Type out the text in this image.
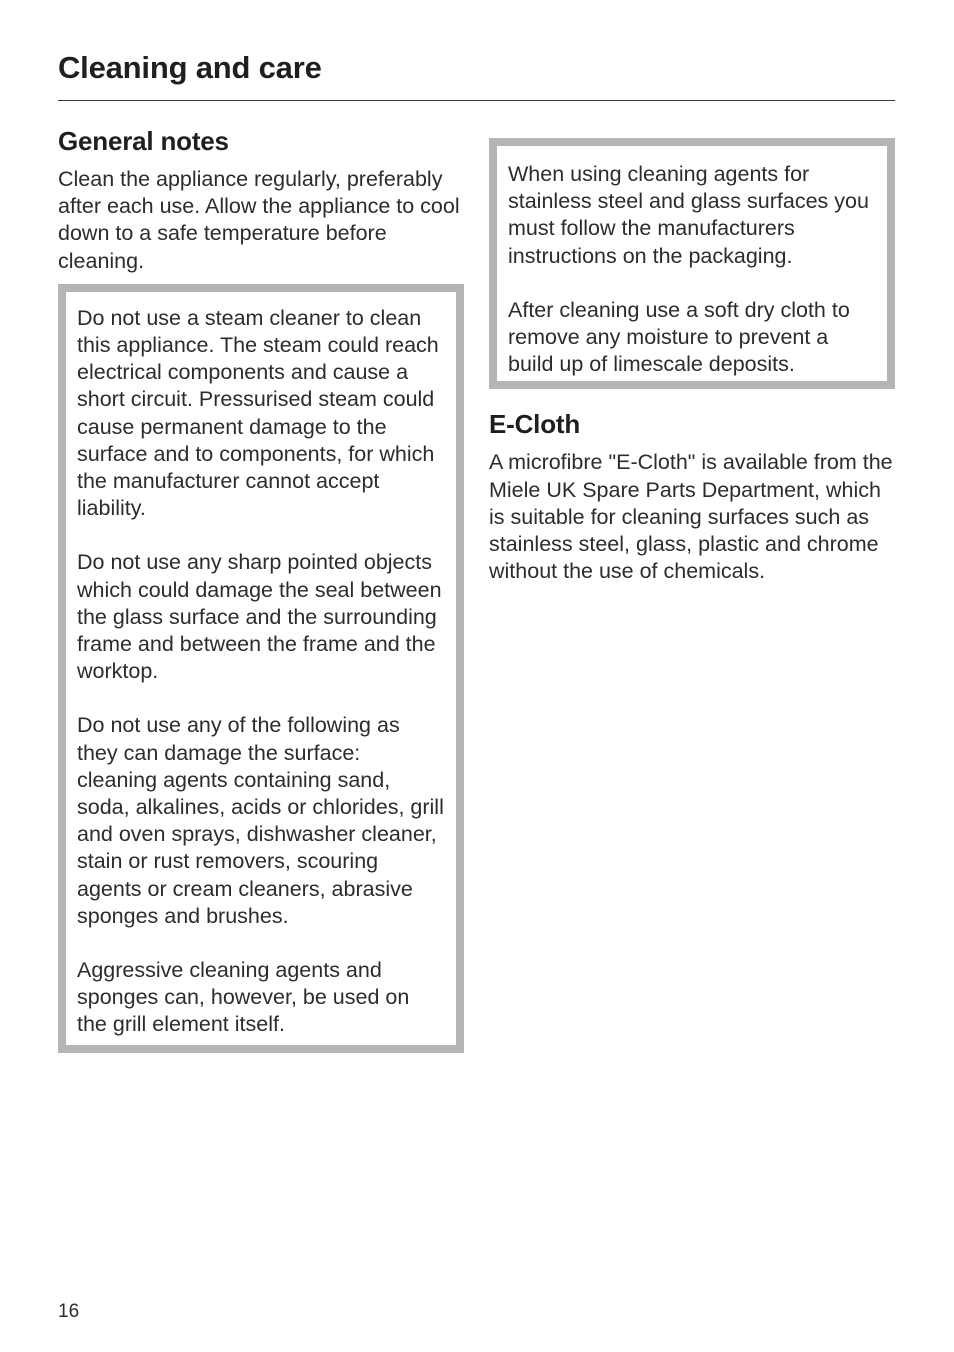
Cleaning and care
General notes

Clean the appliance regularly, preferably after each use. Allow the appliance to cool down to a safe temperature before cleaning.

Do not use a steam cleaner to clean this appliance. The steam could reach electrical components and cause a short circuit. Pressurised steam could cause permanent damage to the surface and to components, for which the manufacturer cannot accept liability.

Do not use any sharp pointed objects which could damage the seal between the glass surface and the surrounding frame and between the frame and the worktop.

Do not use any of the following as they can damage the surface: cleaning agents containing sand, soda, alkalines, acids or chlorides, grill and oven sprays, dishwasher cleaner, stain or rust removers, scouring agents or cream cleaners, abrasive sponges and brushes.

Aggressive cleaning agents and sponges can, however, be used on the grill element itself.

When using cleaning agents for stainless steel and glass surfaces you must follow the manufacturers instructions on the packaging.

After cleaning use a soft dry cloth to remove any moisture to prevent a build up of limescale deposits.

E-Cloth

A microfibre "E-Cloth" is available from the Miele UK Spare Parts Department, which is suitable for cleaning surfaces such as stainless steel, glass, plastic and chrome without the use of chemicals.

16
